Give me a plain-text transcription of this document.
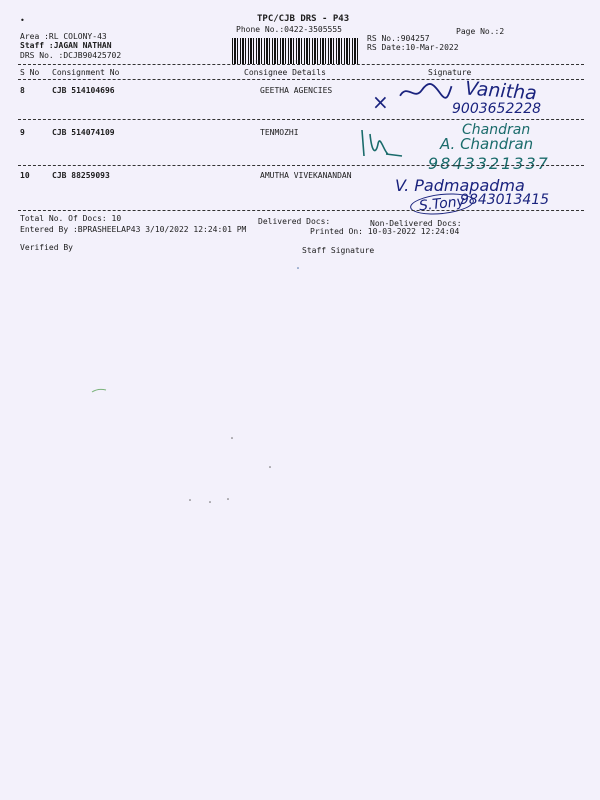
•	TPC/CJB DRS - P43
Phone No.:0422-3505555	Page No.:2
Area :RL COLONY-43
Staff :JAGAN NATHAN
DRS No. :DCJB90425702
RS No.:904257
RS Date:10-Mar-2022
S No Consignment No	Consignee Details	Signature
8	CJB 514104696	GEETHA AGENCIES ×	Vanitha
9003652228
9	CJB 514074109	TENMOZHI	Chandran
A. Chandran
9843321337
10	CJB 88259093	AMUTHA VIVEKANANDAN
V. Padmapadma
9843013415
S.Tony
Total No. Of Docs: 10	Delivered Docs:	Non-Delivered Docs:
Entered By :BPRASHEELAP43 3/10/2022 12:24:01 PM	Printed On: 10-03-2022 12:24:04
Verified By	Staff Signature
